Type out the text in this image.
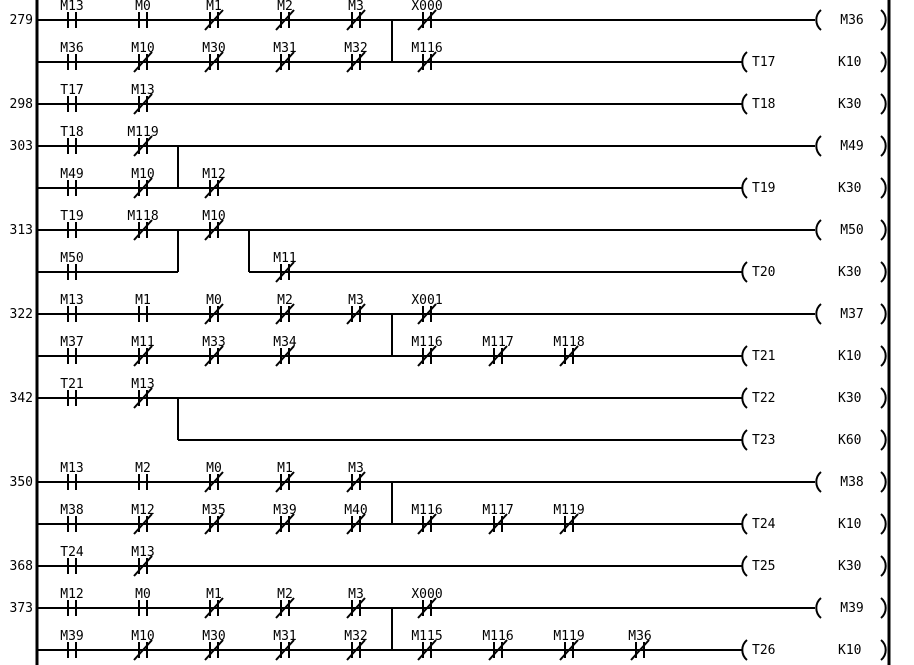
279
M13	M0	M1	M2	M3	X000
M36
M36	M10	M30	M31	M32	M116
T17	K10
298
T17	M13
T18	K30
303
T18	M119
M49
M49	M10	M12
T19	K30
313
T19	M118	M10
M50
M50	M11
T20	K30
322
M13	M1	M0	M2	M3	X001
M37
M37	M11	M33	M34	M116	M117	M118
T21	K10
342
T21	M13
T22	K30
T23	K60
350
M13	M2	M0	M1	M3
M38
M38	M12	M35	M39	M40	M116	M117	M119
T24	K10
368
T24	M13
T25	K30
373
M12	M0	M1	M2	M3	X000
M39
M39	M10	M30	M31	M32	M115	M116	M119	M36
T26	K10
